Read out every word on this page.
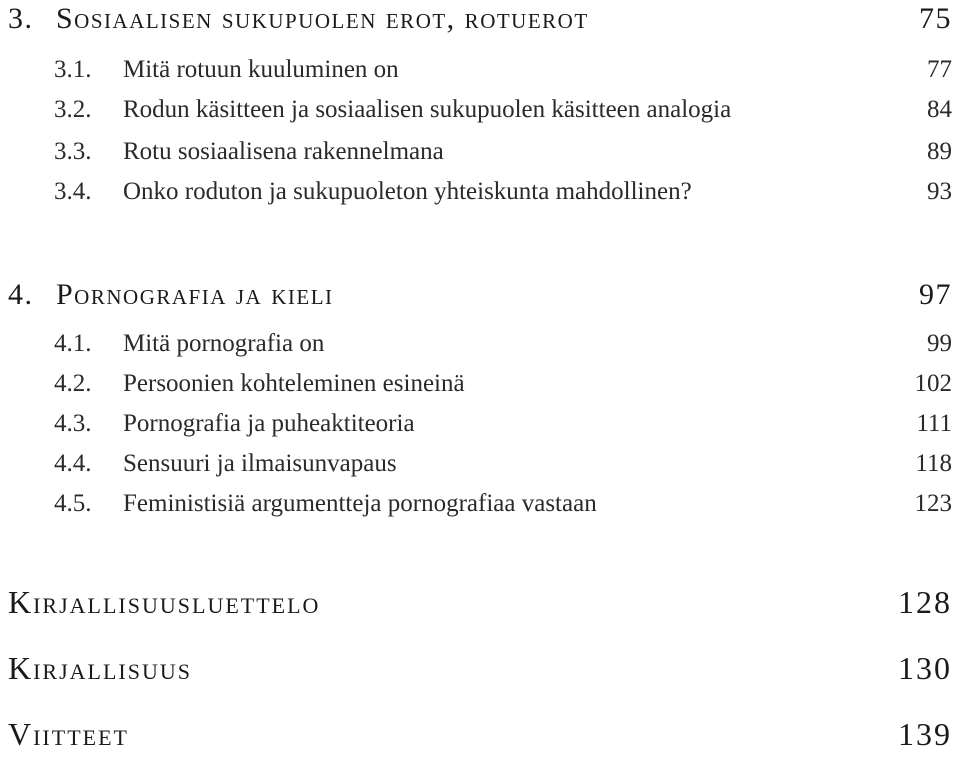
3. Sosiaalisen sukupuolen erot, rotuerot	75
3.1.	Mitä rotuun kuuluminen on	77
3.2.	Rodun käsitteen ja sosiaalisen sukupuolen käsitteen analogia	84
3.3.	Rotu sosiaalisena rakennelmana	89
3.4.	Onko roduton ja sukupuoleton yhteiskunta mahdollinen?	93
4. Pornografia ja kieli	97
4.1.	Mitä pornografia on	99
4.2.	Persoonien kohteleminen esineinä	102
4.3.	Pornografia ja puheaktiteoria	111
4.4.	Sensuuri ja ilmaisunvapaus	118
4.5.	Feministisiä argumentteja pornografiaa vastaan	123
Kirjallisuusluettelo	128
Kirjallisuus	130
Viitteet	139
